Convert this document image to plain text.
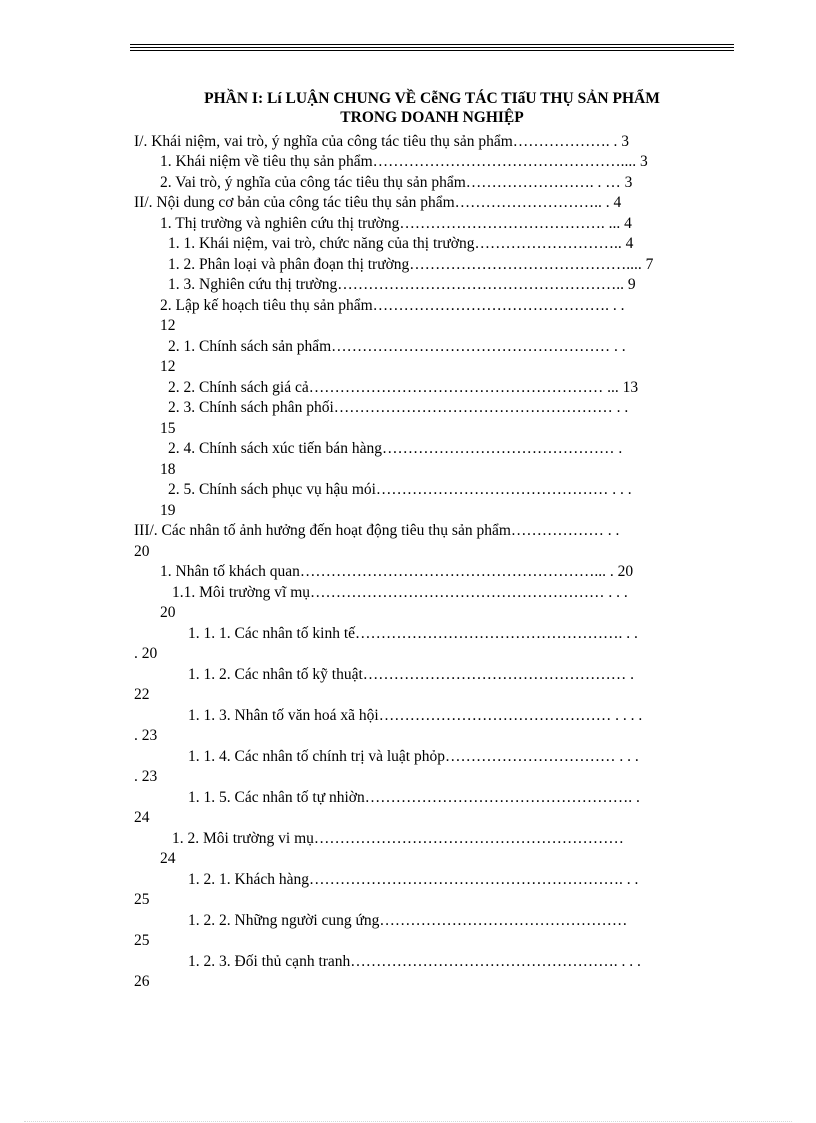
PHẦN I: Lí LUẬN CHUNG VỀ CễNG TÁC TIấU THỤ SẢN PHẨM
TRONG DOANH NGHIỆP
I/. Khái niệm, vai trò, ý nghĩa của công tác tiêu thụ sản phẩm………………. . 3
1. Khái niệm về tiêu thụ sản phẩm………………………………………….... 3
2. Vai trò, ý nghĩa của công tác tiêu thụ sản phẩm……………………. . … 3
II/. Nội dung cơ bản của công tác tiêu thụ sản phẩm……………………….. . 4
1. Thị trường và nghiên cứu thị trường…………………………………. ... 4
1. 1. Khái niệm, vai trò, chức năng của thị trường……………………….. 4
1. 2. Phân loại và phân đoạn thị trường…………………………………….... 7
1. 3. Nghiên cứu thị trường……………………………………………….. 9
2. Lập kế hoạch tiêu thụ sản phẩm………………………………………. . .
12
2. 1. Chính sách sản phẩm……………………………………………… . .
12
2. 2. Chính sách giá cả………………………………………………… ... 13
2. 3. Chính sách phân phối……………………………………………… . .
15
2. 4. Chính sách xúc tiến bán hàng……………………………………… .
18
2. 5. Chính sách phục vụ hậu mói……………………………………… . . .
19
III/. Các nhân tố ảnh hưởng đến hoạt động tiêu thụ sản phẩm……………… . .
20
1. Nhân tố khách quan…………………………………………………... . 20
1.1. Môi trường vĩ mụ………………………………………………… . . .
20
1. 1. 1. Các nhân tố kinh tế……………………………………………. . .
. 20
1. 1. 2. Các nhân tố kỹ thuật…………………………………………… .
22
1. 1. 3. Nhân tố văn hoá xã hội……………………………………… . . . .
. 23
1. 1. 4. Các nhân tố chính trị và luật phỏp…………………………… . . .
. 23
1. 1. 5. Các nhân tố tự nhiờn……………………………………………. .
24
1. 2. Môi trường vi mụ……………………………………………………
24
1. 2. 1. Khách hàng……………………………………………………. . .
25
1. 2. 2. Những người cung ứng…………………………………………
25
1. 2. 3. Đối thủ cạnh tranh……………………………………………. . . .
26
